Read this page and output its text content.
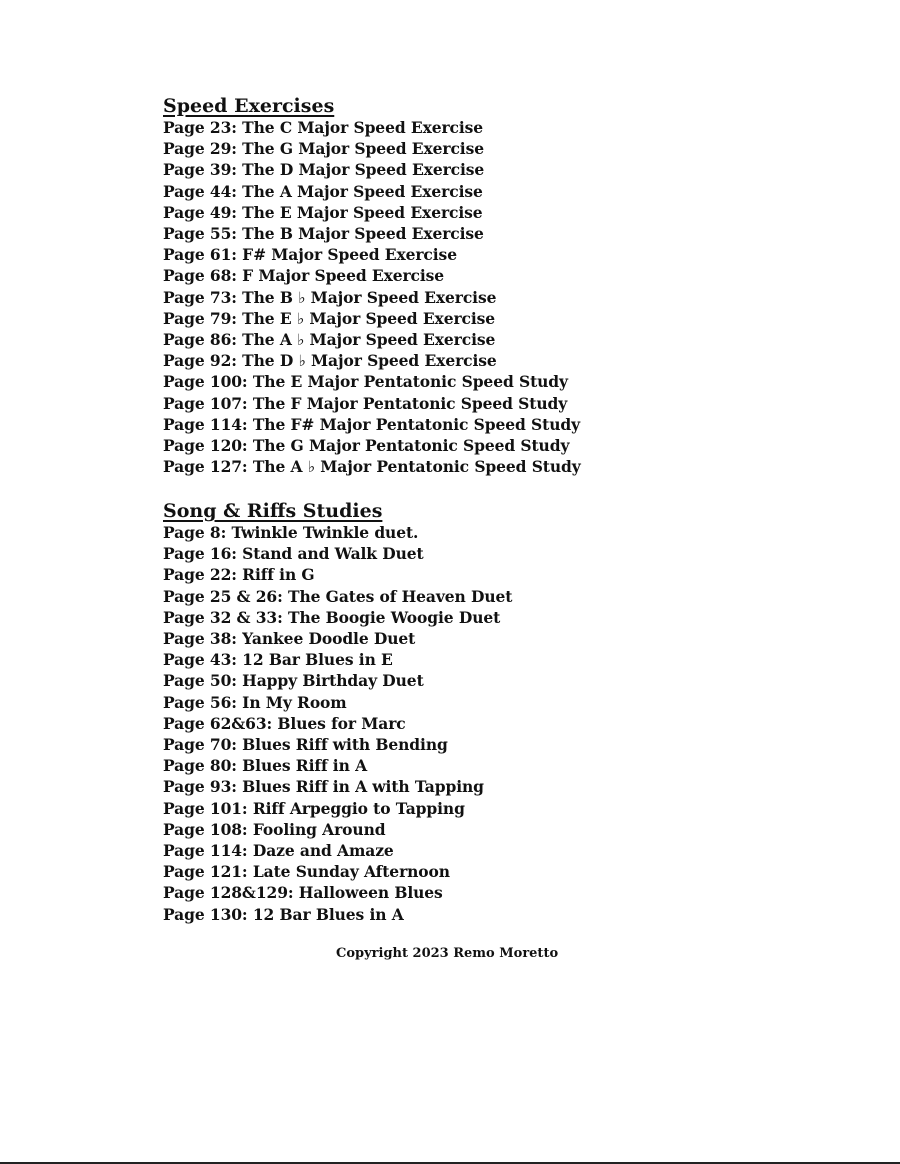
Speed Exercises
Page 23: The C Major Speed Exercise
Page 29: The G Major Speed Exercise
Page 39: The D Major Speed Exercise
Page 44: The A Major Speed Exercise
Page 49: The E Major Speed Exercise
Page 55: The B Major Speed Exercise
Page 61: F# Major Speed Exercise
Page 68: F Major Speed Exercise
Page 73: The B ♭ Major Speed Exercise
Page 79: The E ♭ Major Speed Exercise
Page 86: The A ♭ Major Speed Exercise
Page 92: The D ♭ Major Speed Exercise
Page 100: The E Major Pentatonic Speed Study
Page 107: The F Major Pentatonic Speed Study
Page 114: The F# Major Pentatonic Speed Study
Page 120: The G Major Pentatonic Speed Study
Page 127: The A ♭ Major Pentatonic Speed Study
Song & Riffs Studies
Page 8: Twinkle Twinkle duet.
Page 16: Stand and Walk Duet
Page 22: Riff in G
Page 25 & 26: The Gates of Heaven Duet
Page 32 & 33: The Boogie Woogie Duet
Page 38: Yankee Doodle Duet
Page 43: 12 Bar Blues in E
Page 50: Happy Birthday Duet
Page 56: In My Room
Page 62&63: Blues for Marc
Page 70: Blues Riff with Bending
Page 80: Blues Riff in A
Page 93: Blues Riff in A with Tapping
Page 101: Riff Arpeggio to Tapping
Page 108: Fooling Around
Page 114: Daze and Amaze
Page 121: Late Sunday Afternoon
Page 128&129: Halloween Blues
Page 130: 12 Bar Blues in A
Copyright 2023 Remo Moretto
